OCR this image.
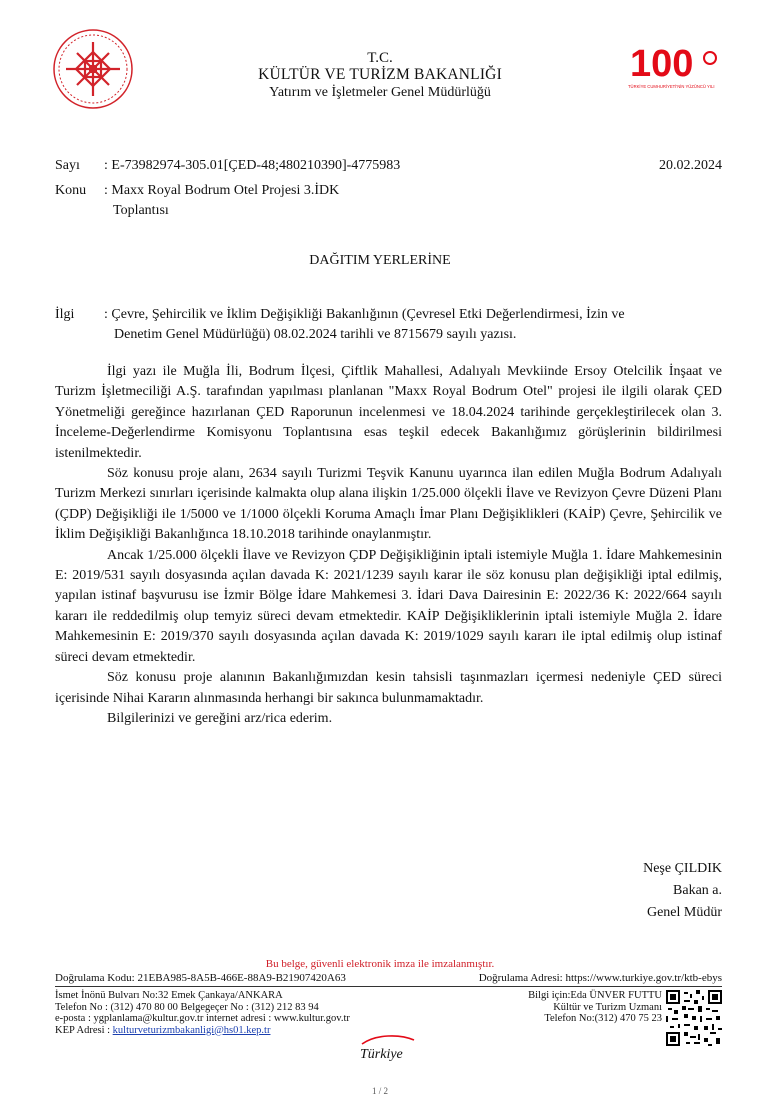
T.C.
KÜLTÜR VE TURİZM BAKANLIĞI
Yatırım ve İşletmeler Genel Müdürlüğü
100
TÜRKİYE CUMHURİYETİ'NİN YÜZÜNCÜ YILI
Sayı : E-73982974-305.01[ÇED-48;480210390]-4775983	20.02.2024
Konu : Maxx Royal Bodrum Otel Projesi 3.İDK
Toplantısı
DAĞITIM YERLERİNE
İlgi : Çevre, Şehircilik ve İklim Değişikliği Bakanlığının (Çevresel Etki Değerlendirmesi, İzin ve
Denetim Genel Müdürlüğü) 08.02.2024 tarihli ve 8715679 sayılı yazısı.

İlgi yazı ile Muğla İli, Bodrum İlçesi, Çiftlik Mahallesi, Adalıyalı Mevkiinde Ersoy Otelcilik İnşaat ve Turizm İşletmeciliği A.Ş. tarafından yapılması planlanan "Maxx Royal Bodrum Otel" projesi ile ilgili olarak ÇED Yönetmeliği gereğince hazırlanan ÇED Raporunun incelenmesi ve 18.04.2024 tarihinde gerçekleştirilecek olan 3. İnceleme-Değerlendirme Komisyonu Toplantısına esas teşkil edecek Bakanlığımız görüşlerinin bildirilmesi istenilmektedir.

Söz konusu proje alanı, 2634 sayılı Turizmi Teşvik Kanunu uyarınca ilan edilen Muğla Bodrum Adalıyalı Turizm Merkezi sınırları içerisinde kalmakta olup alana ilişkin 1/25.000 ölçekli İlave ve Revizyon Çevre Düzeni Planı (ÇDP) Değişikliği ile 1/5000 ve 1/1000 ölçekli Koruma Amaçlı İmar Planı Değişiklikleri (KAİP) Çevre, Şehircilik ve İklim Değişikliği Bakanlığınca 18.10.2018 tarihinde onaylanmıştır.

Ancak 1/25.000 ölçekli İlave ve Revizyon ÇDP Değişikliğinin iptali istemiyle Muğla 1. İdare Mahkemesinin E: 2019/531 sayılı dosyasında açılan davada K: 2021/1239 sayılı karar ile söz konusu plan değişikliği iptal edilmiş, yapılan istinaf başvurusu ise İzmir Bölge İdare Mahkemesi 3. İdari Dava Dairesinin E: 2022/36 K: 2022/664 sayılı kararı ile reddedilmiş olup temyiz süreci devam etmektedir. KAİP Değişikliklerinin iptali istemiyle Muğla 2. İdare Mahkemesinin E: 2019/370 sayılı dosyasında açılan davada K: 2019/1029 sayılı kararı ile iptal edilmiş olup istinaf süreci devam etmektedir.

Söz konusu proje alanının Bakanlığımızdan kesin tahsisli taşınmazları içermesi nedeniyle ÇED süreci içerisinde Nihai Kararın alınmasında herhangi bir sakınca bulunmamaktadır.

Bilgilerinizi ve gereğini arz/rica ederim.

Neşe ÇILDIK
Bakan a.
Genel Müdür
Bu belge, güvenli elektronik imza ile imzalanmıştır.
Doğrulama Kodu: 21EBA985-8A5B-466E-88A9-B21907420A63	Doğrulama Adresi: https://www.turkiye.gov.tr/ktb-ebys
İsmet İnönü Bulvarı No:32 Emek Çankaya/ANKARA
Telefon No : (312) 470 80 00 Belgegeçer No : (312) 212 83 94
e-posta : ygplanlama@kultur.gov.tr internet adresi : www.kultur.gov.tr
KEP Adresi : kulturveturizmbakanligi@hs01.kep.tr
Bilgi için:Eda ÜNVER FUTTU
Kültür ve Turizm Uzmanı
Telefon No:(312) 470 75 23
Türkiye
1 / 2
